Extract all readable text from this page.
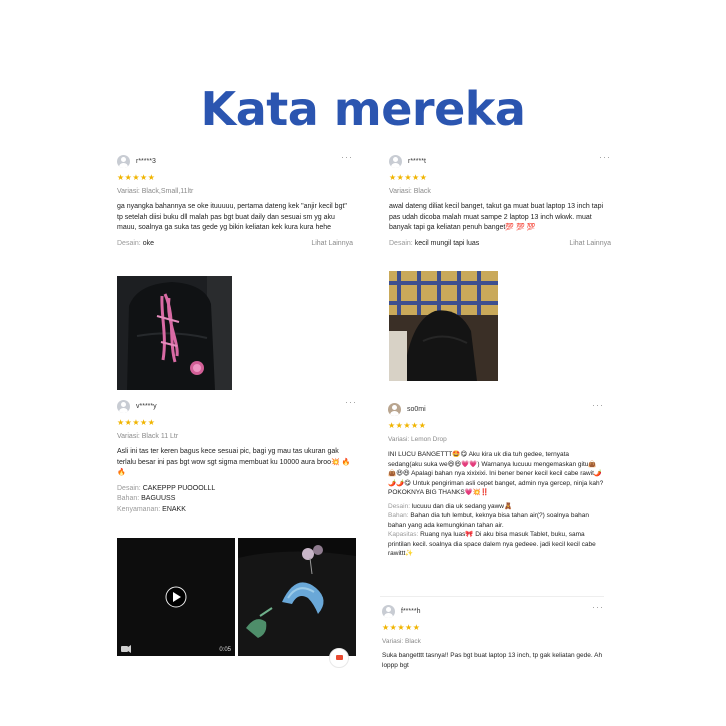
Kata mereka
r*****3	···
★★★★★
Variasi: Black,Small,11ltr
ga nyangka bahannya se oke ituuuuu, pertama dateng kek "anjir kecil bgt" tp setelah diisi buku dll malah pas bgt buat daily dan sesuai sm yg aku mauu, soalnya ga suka tas gede yg bikin keliatan kek kura kura hehe
Desain: oke	Lihat Lainnya
r*****t	···
★★★★★
Variasi: Black
awal dateng diliat kecil banget, takut ga muat buat laptop 13 inch tapi pas udah dicoba malah muat sampe 2 laptop 13 inch wkwk. muat banyak tapi ga keliatan penuh banget💯 💯 💯
Desain: kecil mungil tapi luas	Lihat Lainnya
v*****y	···
★★★★★
Variasi: Black 11 Ltr
Asli ini tas ter keren bagus kece sesuai pic, bagi yg mau tas ukuran gak terlalu besar ini pas bgt wow sgt sigma membuat ku 10000 aura broo💥 🔥 🔥
Desain: CAKEPPP PUOOOLLL
Bahan: BAGUUSS
Kenyamanan: ENAKK
0:05
so0mi	···
★★★★★
Variasi: Lemon Drop
INI LUCU BANGETTT🤩😋 Aku kira uk dia tuh gedee, ternyata sedang(aku suka we😆😆💗💗) Warnanya lucuuu mengemaskan gitu👜👜😆😆 Apalagi bahan nya xixixixi. Ini bener bener kecil kecil cabe rawit🌶️🌶️🌶️😋 Untuk pengiriman asli cepet banget, admin nya gercep, ninja kah? POKOKNYA BIG THANKS💗💥‼️
Desain: lucuuu dan dia uk sedang yaww🧸
Bahan: Bahan dia tuh lembut, keknya bisa tahan air(?) soalnya bahan bahan yang ada kemungkinan tahan air.
Kapasitas: Ruang nya luas🎀 Di aku bisa masuk Tablet, buku, sama printilan kecil. soalnya dia space dalem nya gedeee. jadi kecil kecil cabe rawittt✨
f*****h	···
★★★★★
Variasi: Black
Suka bangetttt tasnya!! Pas bgt buat laptop 13 inch, tp gak keliatan gede. Ah loppp bgt
